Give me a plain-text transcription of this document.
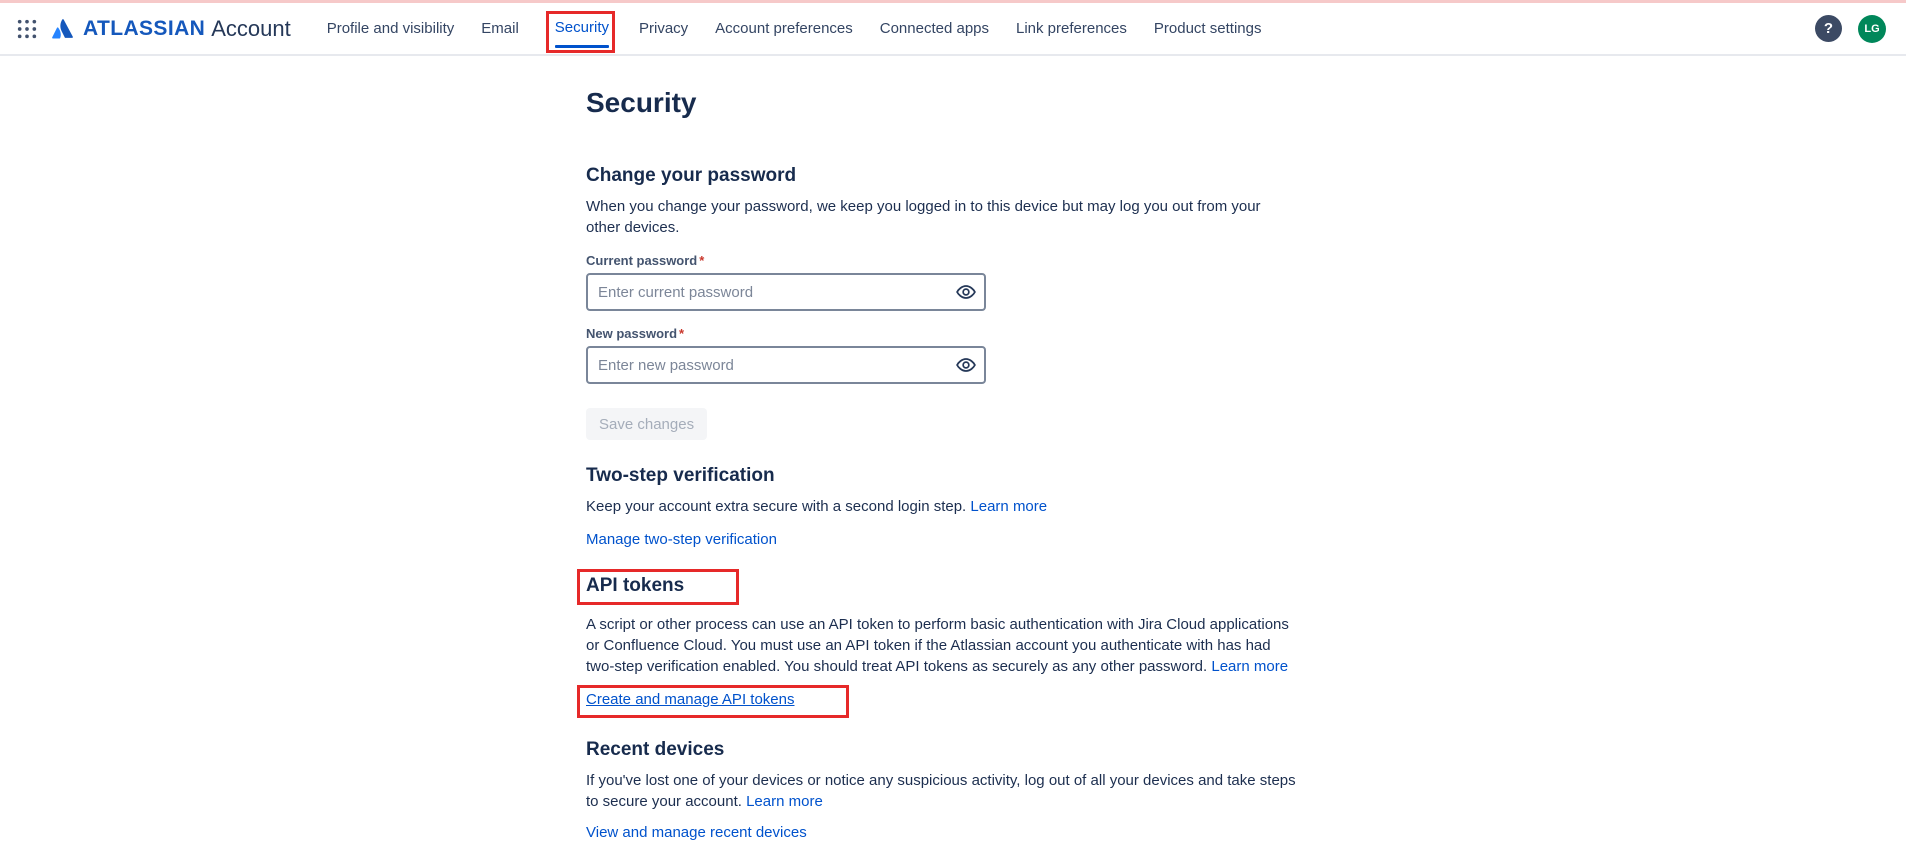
ATLASSIAN Account Profile and visibility Email	Security	Privacy Account preferences Connected apps Link preferences Product settings	?	LG
Security
Change your password

When you change your password, we keep you logged in to this device but may log you out from your other devices.

Current password *
Enter current password
New password *
Enter new password
Save changes
Two-step verification

Keep your account extra secure with a second login step. Learn more

Manage two-step verification
API tokens

A script or other process can use an API token to perform basic authentication with Jira Cloud applications or Confluence Cloud. You must use an API token if the Atlassian account you authenticate with has had two-step verification enabled. You should treat API tokens as securely as any other password. Learn more

Create and manage API tokens
Recent devices

If you've lost one of your devices or notice any suspicious activity, log out of all your devices and take steps to secure your account. Learn more

View and manage recent devices
